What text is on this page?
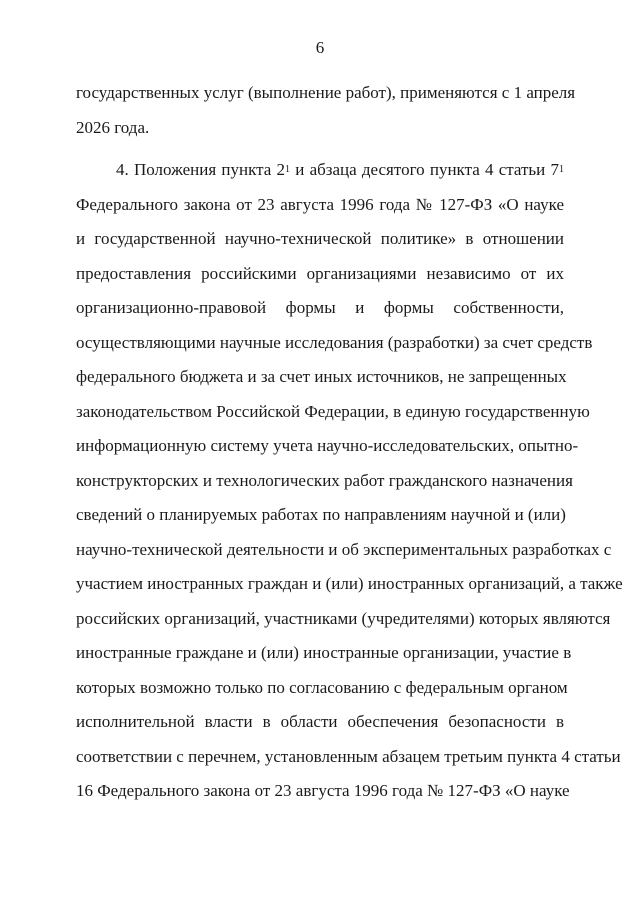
6
государственных услуг (выполнение работ), применяются с 1 апреля
2026 года.
4. Положения пункта $2^1$ и абзаца десятого пункта 4 статьи $7^1$
Федерального закона от 23 августа 1996 года № 127-ФЗ «О науке
и государственной научно-технической политике» в отношении
предоставления российскими организациями независимо от их
организационно-правовой формы и формы собственности,
осуществляющими научные исследования (разработки) за счет средств
федерального бюджета и за счет иных источников, не запрещенных
законодательством Российской Федерации, в единую государственную
информационную систему учета научно-исследовательских, опытно-
конструкторских и технологических работ гражданского назначения
сведений о планируемых работах по направлениям научной и (или)
научно-технической деятельности и об экспериментальных разработках с
участием иностранных граждан и (или) иностранных организаций, а также
российских организаций, участниками (учредителями) которых являются
иностранные граждане и (или) иностранные организации, участие в
которых возможно только по согласованию с федеральным органом
исполнительной власти в области обеспечения безопасности в
соответствии с перечнем, установленным абзацем третьим пункта 4 статьи
16 Федерального закона от 23 августа 1996 года № 127-ФЗ «О науке
